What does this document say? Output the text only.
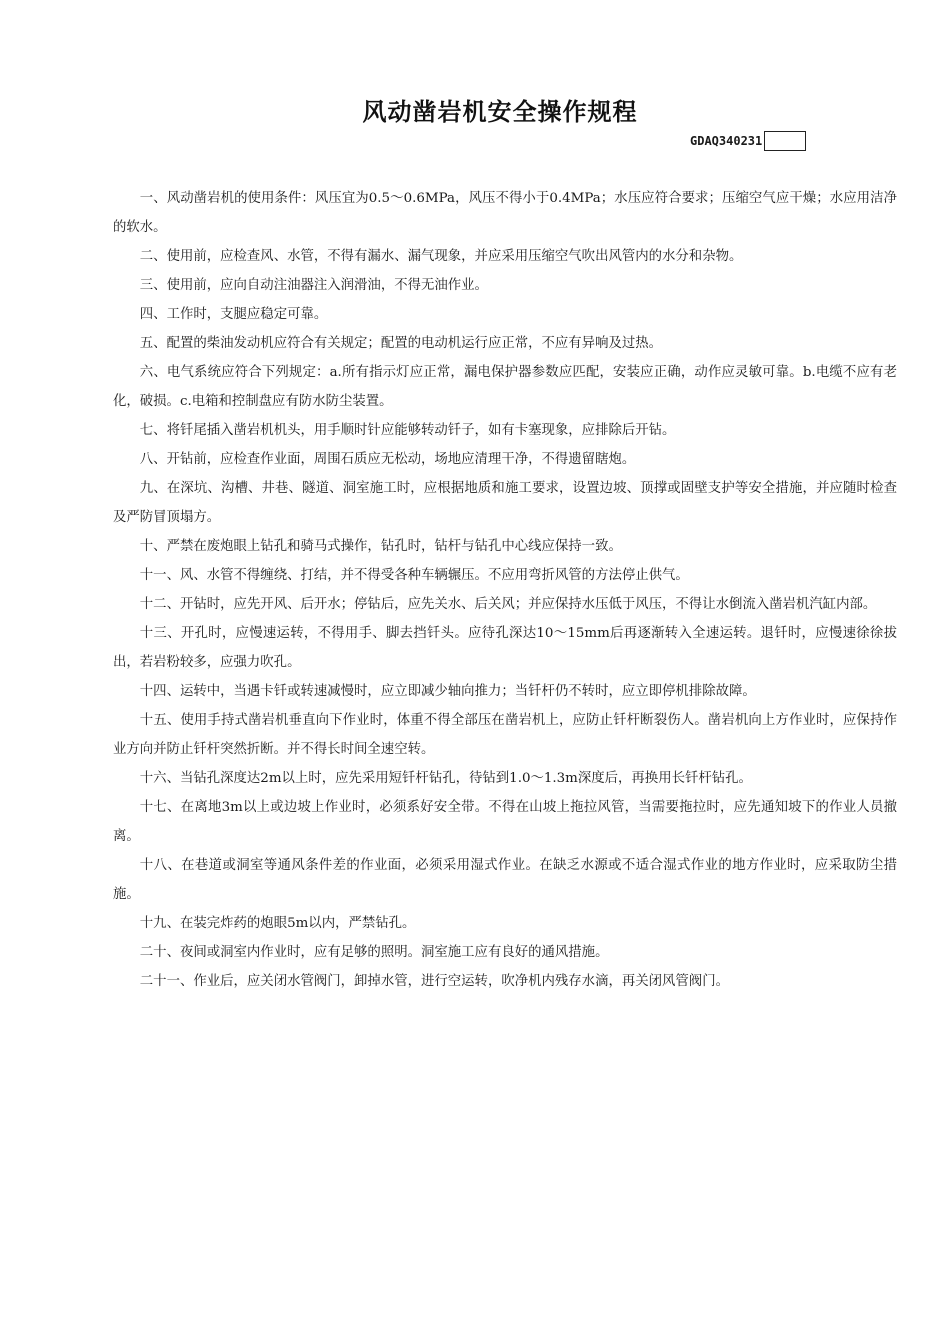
风动凿岩机安全操作规程
GDAQ340231

一、风动凿岩机的使用条件：风压宜为0.5～0.6MPa，风压不得小于0.4MPa；水压应符合要求；压缩空气应干燥；水应用洁净的软水。

二、使用前，应检查风、水管，不得有漏水、漏气现象，并应采用压缩空气吹出风管内的水分和杂物。

三、使用前，应向自动注油器注入润滑油，不得无油作业。

四、工作时，支腿应稳定可靠。

五、配置的柴油发动机应符合有关规定；配置的电动机运行应正常，不应有异响及过热。

六、电气系统应符合下列规定：a.所有指示灯应正常，漏电保护器参数应匹配，安装应正确，动作应灵敏可靠。b.电缆不应有老化，破损。c.电箱和控制盘应有防水防尘装置。

七、将钎尾插入凿岩机机头，用手顺时针应能够转动钎子，如有卡塞现象，应排除后开钻。

八、开钻前，应检查作业面，周围石质应无松动，场地应清理干净，不得遗留瞎炮。

九、在深坑、沟槽、井巷、隧道、洞室施工时，应根据地质和施工要求，设置边坡、顶撑或固壁支护等安全措施，并应随时检查及严防冒顶塌方。

十、严禁在废炮眼上钻孔和骑马式操作，钻孔时，钻杆与钻孔中心线应保持一致。

十一、风、水管不得缠绕、打结，并不得受各种车辆辗压。不应用弯折风管的方法停止供气。

十二、开钻时，应先开风、后开水；停钻后，应先关水、后关风；并应保持水压低于风压，不得让水倒流入凿岩机汽缸内部。

十三、开孔时，应慢速运转，不得用手、脚去挡钎头。应待孔深达10～15mm后再逐渐转入全速运转。退钎时，应慢速徐徐拔出，若岩粉较多，应强力吹孔。

十四、运转中，当遇卡钎或转速减慢时，应立即减少轴向推力；当钎杆仍不转时，应立即停机排除故障。

十五、使用手持式凿岩机垂直向下作业时，体重不得全部压在凿岩机上，应防止钎杆断裂伤人。凿岩机向上方作业时，应保持作业方向并防止钎杆突然折断。并不得长时间全速空转。

十六、当钻孔深度达2m以上时，应先采用短钎杆钻孔，待钻到1.0～1.3m深度后，再换用长钎杆钻孔。

十七、在离地3m以上或边坡上作业时，必须系好安全带。不得在山坡上拖拉风管，当需要拖拉时，应先通知坡下的作业人员撤离。

十八、在巷道或洞室等通风条件差的作业面，必须采用湿式作业。在缺乏水源或不适合湿式作业的地方作业时，应采取防尘措施。

十九、在装完炸药的炮眼5m以内，严禁钻孔。

二十、夜间或洞室内作业时，应有足够的照明。洞室施工应有良好的通风措施。

二十一、作业后，应关闭水管阀门，卸掉水管，进行空运转，吹净机内残存水滴，再关闭风管阀门。
